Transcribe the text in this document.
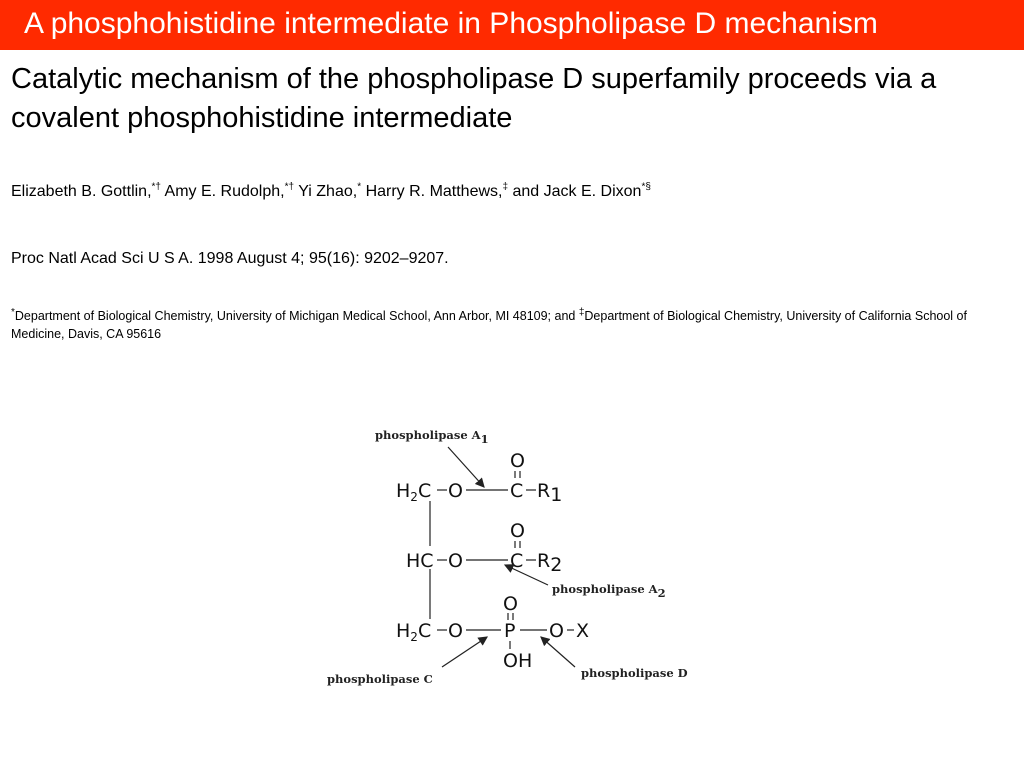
A phosphohistidine intermediate in Phospholipase D mechanism
Catalytic mechanism of the phospholipase D superfamily proceeds via a covalent phosphohistidine intermediate
Elizabeth B. Gottlin,*† Amy E. Rudolph,*† Yi Zhao,* Harry R. Matthews,‡ and Jack E. Dixon*§
Proc Natl Acad Sci U S A. 1998 August 4; 95(16): 9202–9207.
*Department of Biological Chemistry, University of Michigan Medical School, Ann Arbor, MI 48109; and ‡Department of Biological Chemistry, University of California School of Medicine, Davis, CA 95616
phospholipase A1
$H_2C$ O
O
C R1
HC O
O
C R2
phospholipase A2
$H_2C$ O
O
P
OH
O X
phospholipase C	phospholipase D
